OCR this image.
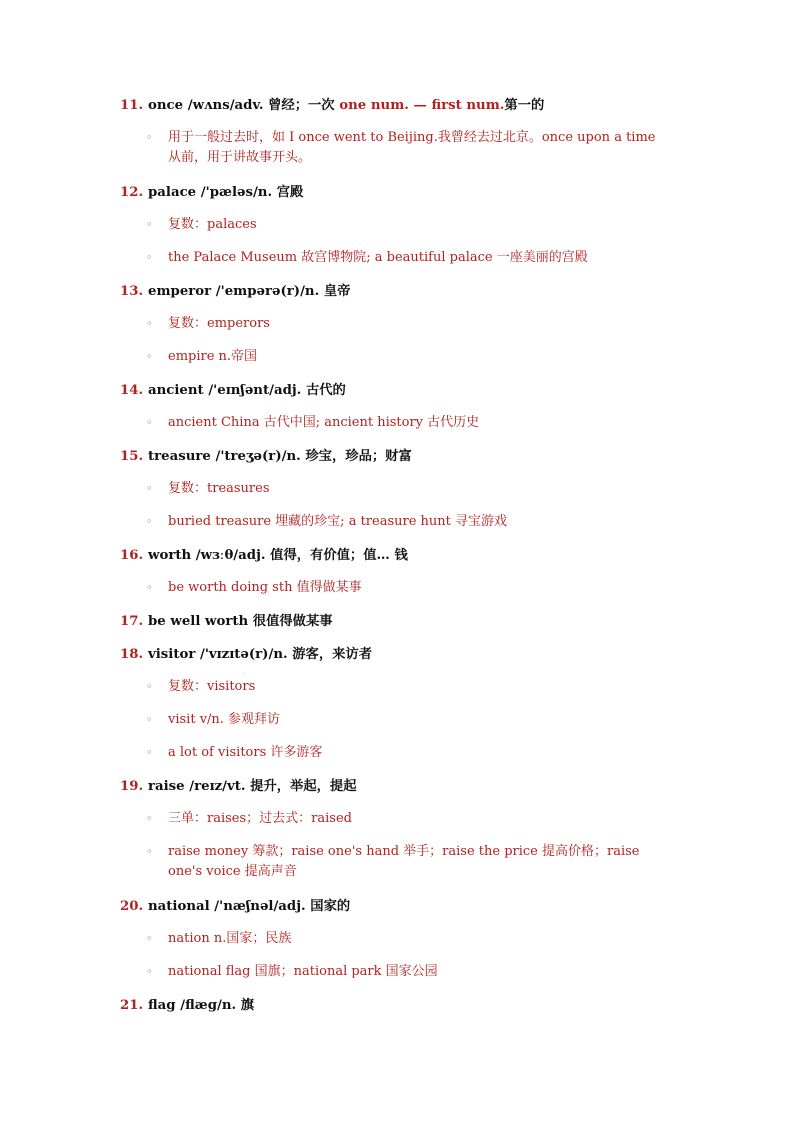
11. once /wʌns/adv. 曾经；一次 one num. — first num.第一的
◦ 用于一般过去时，如 I once went to Beijing.我曾经去过北京。once upon a time
从前，用于讲故事开头。
12. palace /'pæləs/n. 宫殿
◦ 复数：palaces
◦ the Palace Museum 故宫博物院; a beautiful palace 一座美丽的宫殿
13. emperor /'empərə(r)/n. 皇帝
◦ 复数：emperors
◦ empire n.帝国
14. ancient /'eɪnʃənt/adj. 古代的
◦ ancient China 古代中国; ancient history 古代历史
15. treasure /'treʒə(r)/n. 珍宝，珍品；财富
◦ 复数：treasures
◦ buried treasure 埋藏的珍宝; a treasure hunt 寻宝游戏
16. worth /wɜːθ/adj. 值得，有价值；值… 钱
◦ be worth doing sth 值得做某事
17. be well worth 很值得做某事
18. visitor /'vɪzɪtə(r)/n. 游客，来访者
◦ 复数：visitors
◦ visit v/n. 参观拜访
◦ a lot of visitors 许多游客
19. raise /reɪz/vt. 提升，举起，提起
◦ 三单：raises；过去式：raised
◦ raise money 筹款；raise one's hand 举手；raise the price 提高价格；raise
one's voice 提高声音
20. national /'næʃnəl/adj. 国家的
◦ nation n.国家；民族
◦ national flag 国旗；national park 国家公园
21. flag /flæg/n. 旗
